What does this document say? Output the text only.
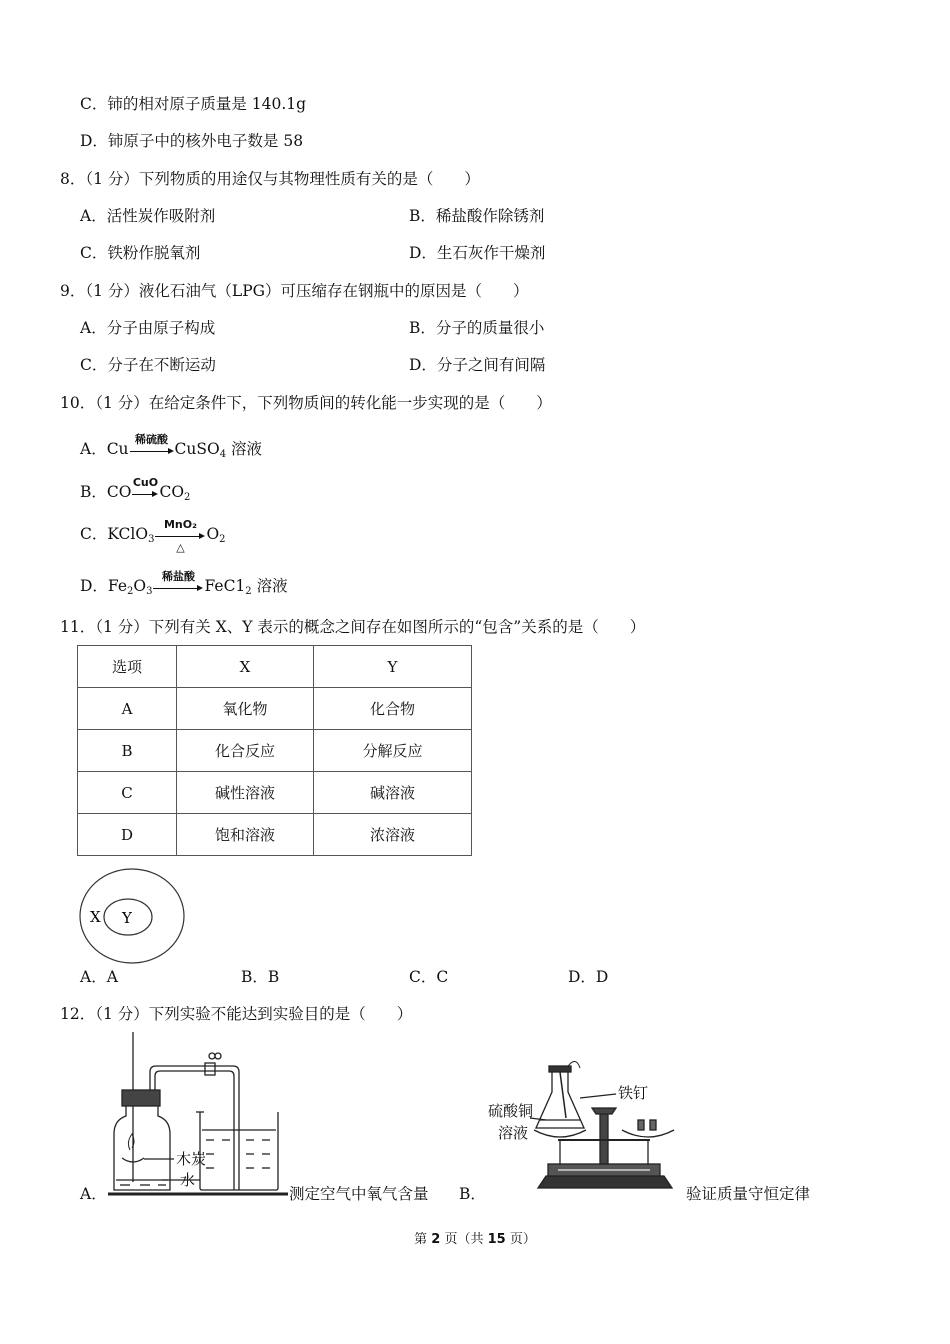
C．铈的相对原子质量是 140.1g
D．铈原子中的核外电子数是 58
8．（1 分）下列物质的用途仅与其物理性质有关的是（　　）
A．活性炭作吸附剂	B．稀盐酸作除锈剂
C．铁粉作脱氧剂	D．生石灰作干燥剂
9．（1 分）液化石油气（LPG）可压缩存在钢瓶中的原因是（　　）
A．分子由原子构成	B．分子的质量很小
C．分子在不断运动	D．分子之间有间隔
10．（1 分）在给定条件下，下列物质间的转化能一步实现的是（　　）
A．Cu
稀硫酸
CuSO$_4$ 溶液
B．CO
CuO
$CO_2$
C．KClO$_3$
MnO₂
△
$O_2$
D．$Fe_2O_3$
稀盐酸
$FeC1_2$ 溶液
11．（1 分）下列有关 X、Y 表示的概念之间存在如图所示的“包含”关系的是（　　）
选项	X	Y
A	氧化物	化合物
B	化合反应	分解反应
C	碱性溶液	碱溶液
D	饱和溶液	浓溶液
X Y
A．A	B．B	C．C	D．D
12．（1 分）下列实验不能达到实验目的是（　　）
A．
木炭
水
测定空气中氧气含量 B．
铁钉
硫酸铜
溶液
验证质量守恒定律
第 2 页（共 15 页）
